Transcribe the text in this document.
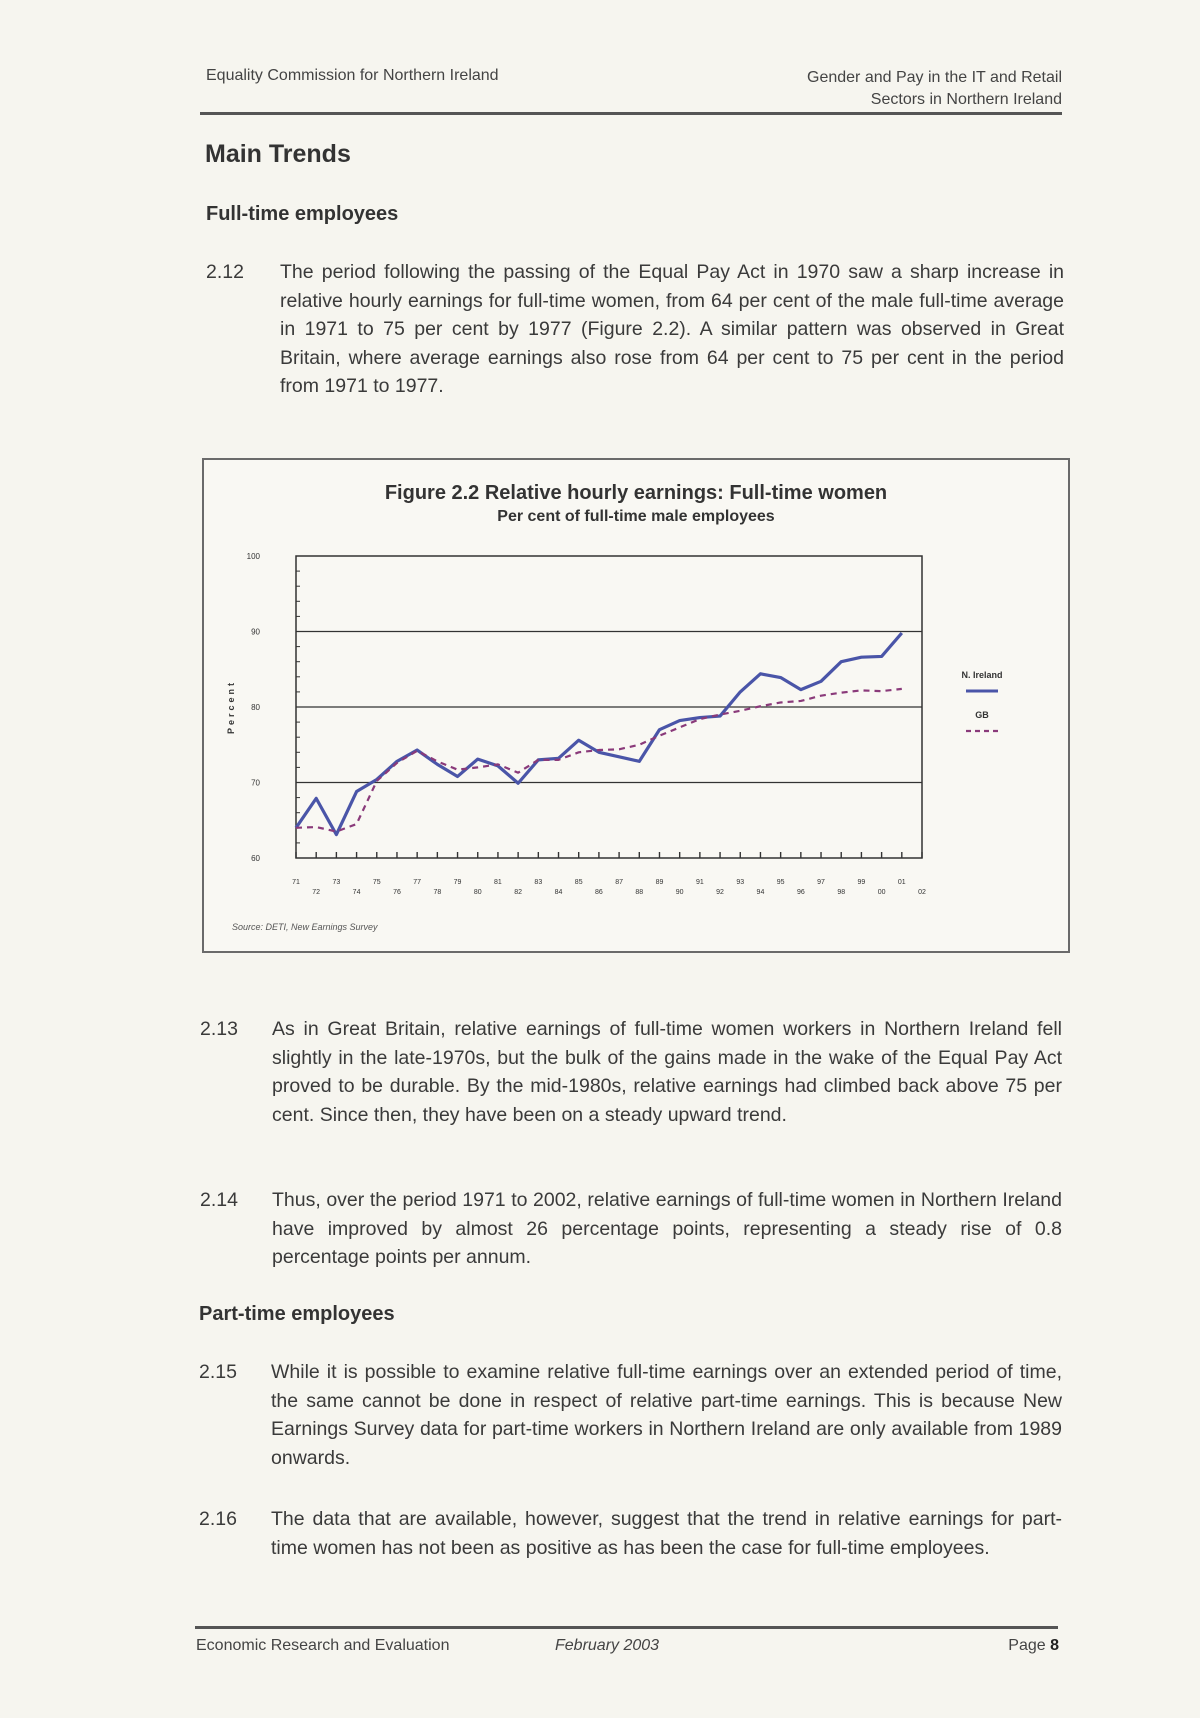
Equality Commission for Northern Ireland	Gender and Pay in the IT and Retail
Sectors in Northern Ireland
Main Trends
Full-time employees
2.12 The period following the passing of the Equal Pay Act in 1970 saw a sharp increase in relative hourly earnings for full-time women, from 64 per cent of the male full-time average in 1971 to 75 per cent by 1977 (Figure 2.2). A similar pattern was observed in Great Britain, where average earnings also rose from 64 per cent to 75 per cent in the period from 1971 to 1977.
Figure 2.2 Relative hourly earnings: Full-time women
Per cent of full-time male employees
60
70
80
90
100
Percent
71	73	75	77	79	81	83	85	87	89	91	93	95	97	99	01
72	74	76	78	80	82	84	86	88	90	92	94	96	98	00	02
N. Ireland
GB
Source: DETI, New Earnings Survey
2.13 As in Great Britain, relative earnings of full-time women workers in Northern Ireland fell slightly in the late-1970s, but the bulk of the gains made in the wake of the Equal Pay Act proved to be durable. By the mid-1980s, relative earnings had climbed back above 75 per cent. Since then, they have been on a steady upward trend.
2.14 Thus, over the period 1971 to 2002, relative earnings of full-time women in Northern Ireland have improved by almost 26 percentage points, representing a steady rise of 0.8 percentage points per annum.
Part-time employees
2.15 While it is possible to examine relative full-time earnings over an extended period of time, the same cannot be done in respect of relative part-time earnings. This is because New Earnings Survey data for part-time workers in Northern Ireland are only available from 1989 onwards.
2.16 The data that are available, however, suggest that the trend in relative earnings for part-time women has not been as positive as has been the case for full-time employees.
Economic Research and Evaluation	February 2003	Page 8
